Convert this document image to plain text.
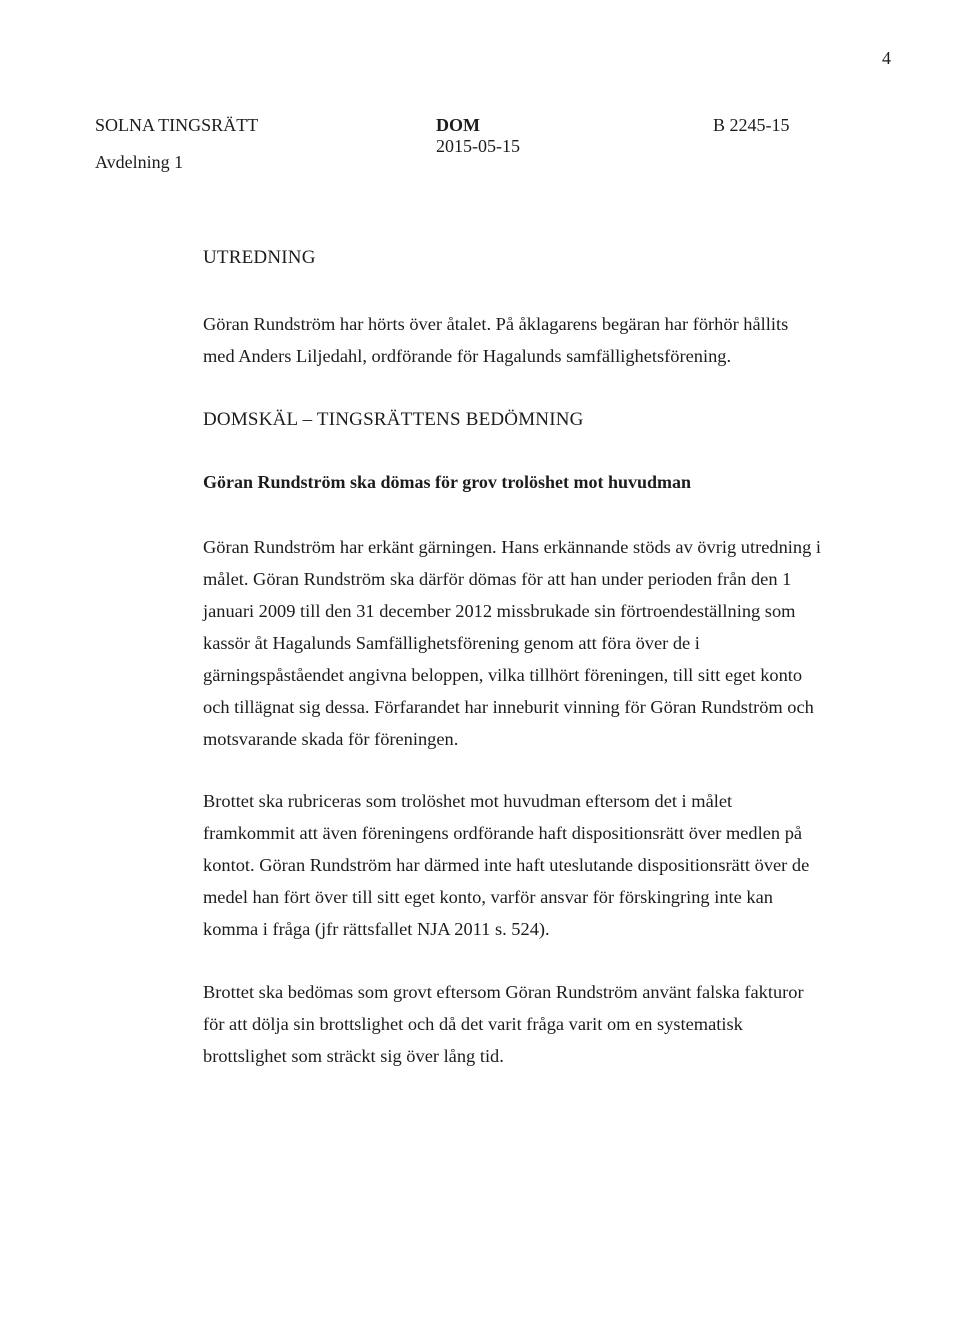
4
SOLNA TINGSRÄTT
Avdelning 1
DOM
2015-05-15
B 2245-15
UTREDNING
Göran Rundström har hörts över åtalet. På åklagarens begäran har förhör hållits
med Anders Liljedahl, ordförande för Hagalunds samfällighetsförening.
DOMSKÄL – TINGSRÄTTENS BEDÖMNING
Göran Rundström ska dömas för grov trolöshet mot huvudman
Göran Rundström har erkänt gärningen. Hans erkännande stöds av övrig utredning i
målet. Göran Rundström ska därför dömas för att han under perioden från den 1
januari 2009 till den 31 december 2012 missbrukade sin förtroendeställning som
kassör åt Hagalunds Samfällighetsförening genom att föra över de i
gärningspåståendet angivna beloppen, vilka tillhört föreningen, till sitt eget konto
och tillägnat sig dessa. Förfarandet har inneburit vinning för Göran Rundström och
motsvarande skada för föreningen.
Brottet ska rubriceras som trolöshet mot huvudman eftersom det i målet
framkommit att även föreningens ordförande haft dispositionsrätt över medlen på
kontot. Göran Rundström har därmed inte haft uteslutande dispositionsrätt över de
medel han fört över till sitt eget konto, varför ansvar för förskingring inte kan
komma i fråga (jfr rättsfallet NJA 2011 s. 524).
Brottet ska bedömas som grovt eftersom Göran Rundström använt falska fakturor
för att dölja sin brottslighet och då det varit fråga varit om en systematisk
brottslighet som sträckt sig över lång tid.
